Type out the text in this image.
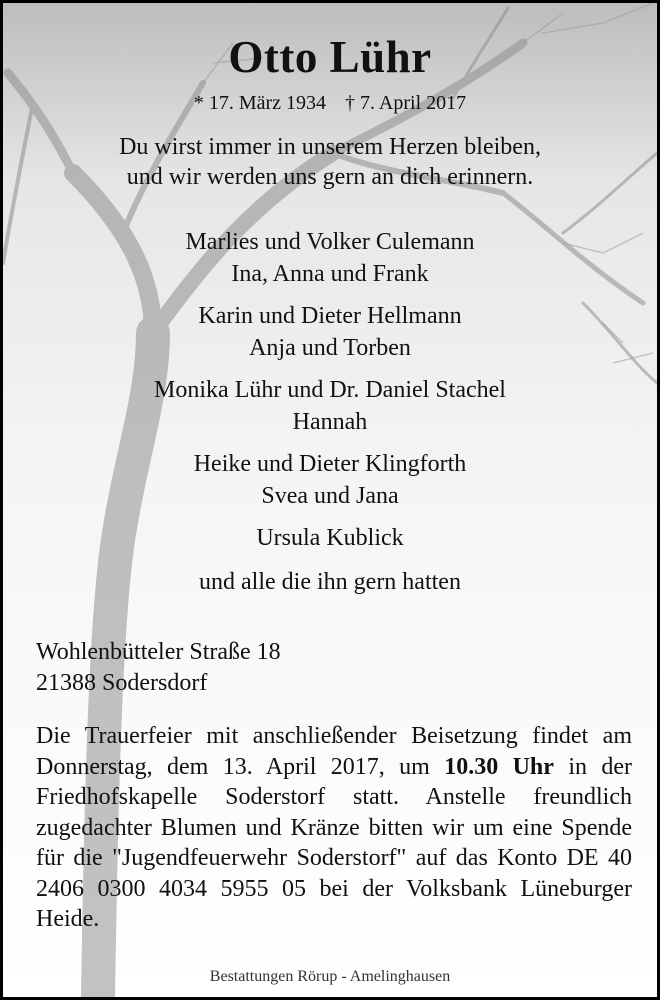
Otto Lühr
* 17. März 1934 † 7. April 2017
Du wirst immer in unserem Herzen bleiben,
und wir werden uns gern an dich erinnern.
Marlies und Volker Culemann
Ina, Anna und Frank
Karin und Dieter Hellmann
Anja und Torben
Monika Lühr und Dr. Daniel Stachel
Hannah
Heike und Dieter Klingforth
Svea und Jana
Ursula Kublick
und alle die ihn gern hatten
Wohlenbütteler Straße 18
21388 Sodersdorf
Die Trauerfeier mit anschließender Beisetzung findet am Donnerstag, dem 13. April 2017, um 10.30 Uhr in der Friedhofskapelle Soderstorf statt. Anstelle freundlich zugedachter Blumen und Kränze bitten wir um eine Spende für die "Jugendfeuerwehr Soderstorf" auf das Konto DE 40 2406 0300 4034 5955 05 bei der Volksbank Lüneburger Heide.
Bestattungen Rörup - Amelinghausen
